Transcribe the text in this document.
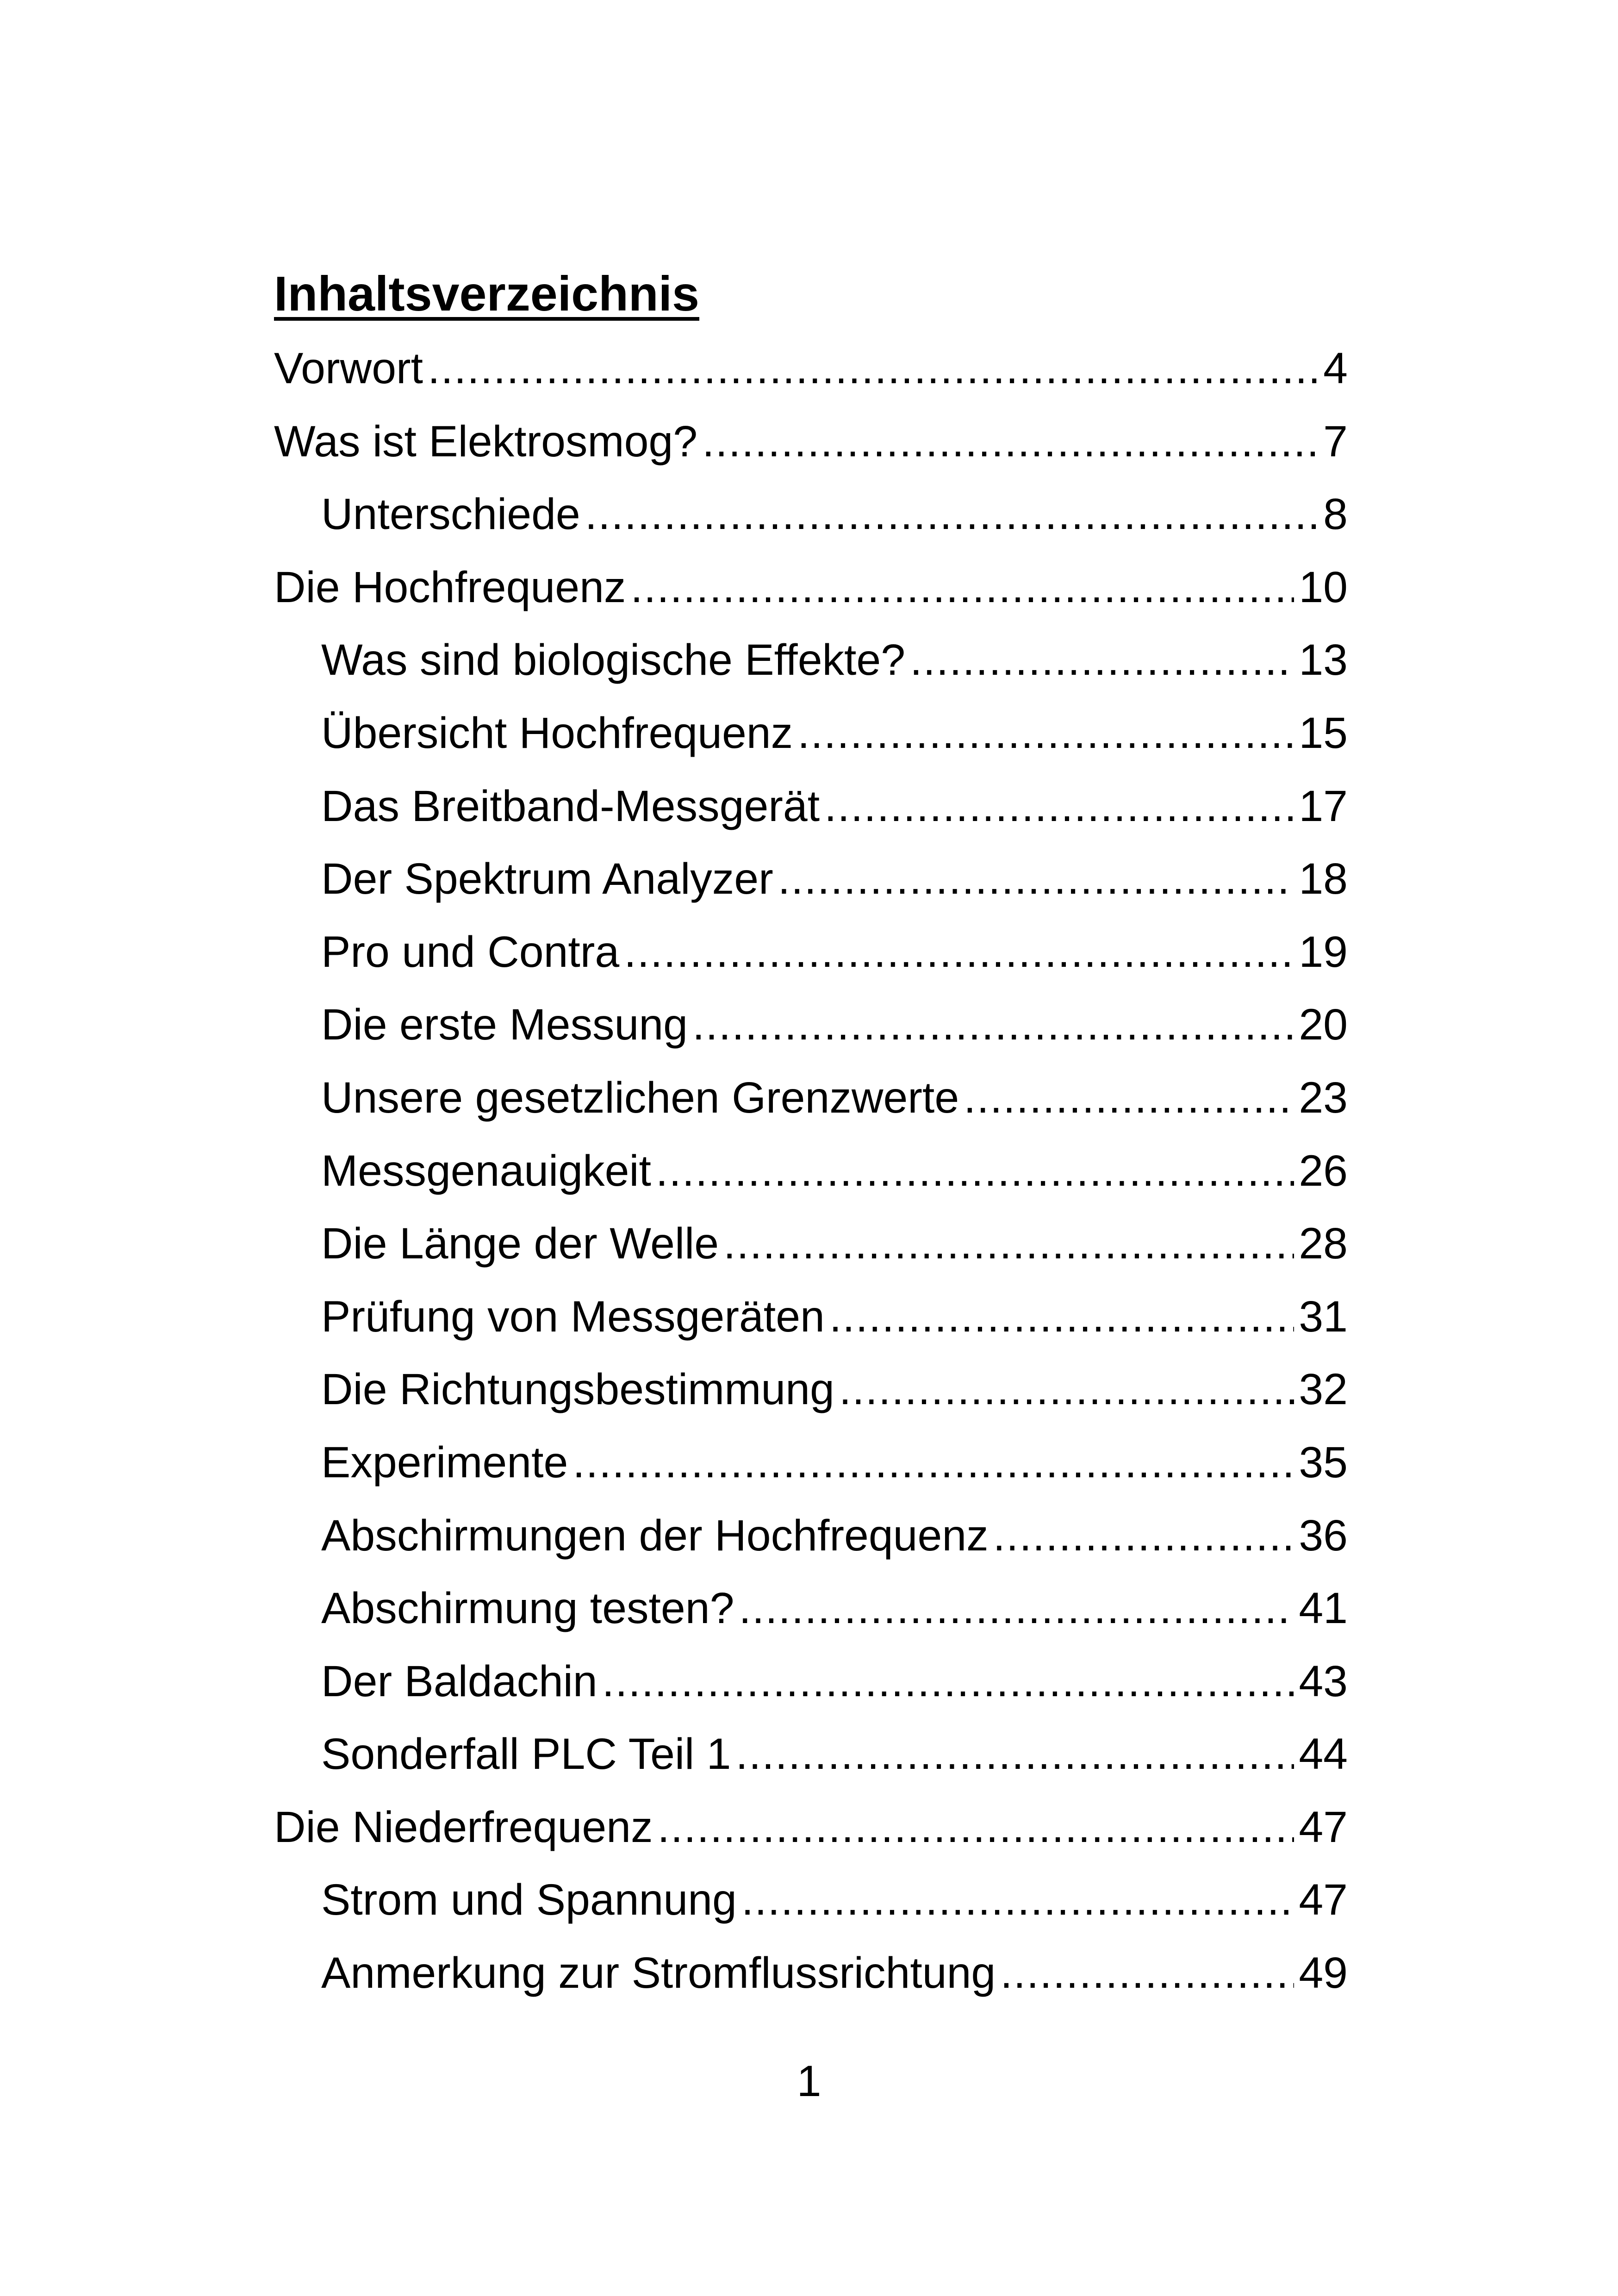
Inhaltsverzeichnis
Vorwort .....	4
Was ist Elektrosmog? .....	7
Unterschiede .....	8
Die Hochfrequenz .....	10
Was sind biologische Effekte? .....	13
Übersicht Hochfrequenz .....	15
Das Breitband-Messgerät .....	17
Der Spektrum Analyzer .....	18
Pro und Contra .....	19
Die erste Messung .....	20
Unsere gesetzlichen Grenzwerte .....	23
Messgenauigkeit .....	26
Die Länge der Welle .....	28
Prüfung von Messgeräten .....	31
Die Richtungsbestimmung .....	32
Experimente .....	35
Abschirmungen der Hochfrequenz .....	36
Abschirmung testen? .....	41
Der Baldachin .....	43
Sonderfall PLC Teil 1 .....	44
Die Niederfrequenz .....	47
Strom und Spannung .....	47
Anmerkung zur Stromflussrichtung .....	49
1
